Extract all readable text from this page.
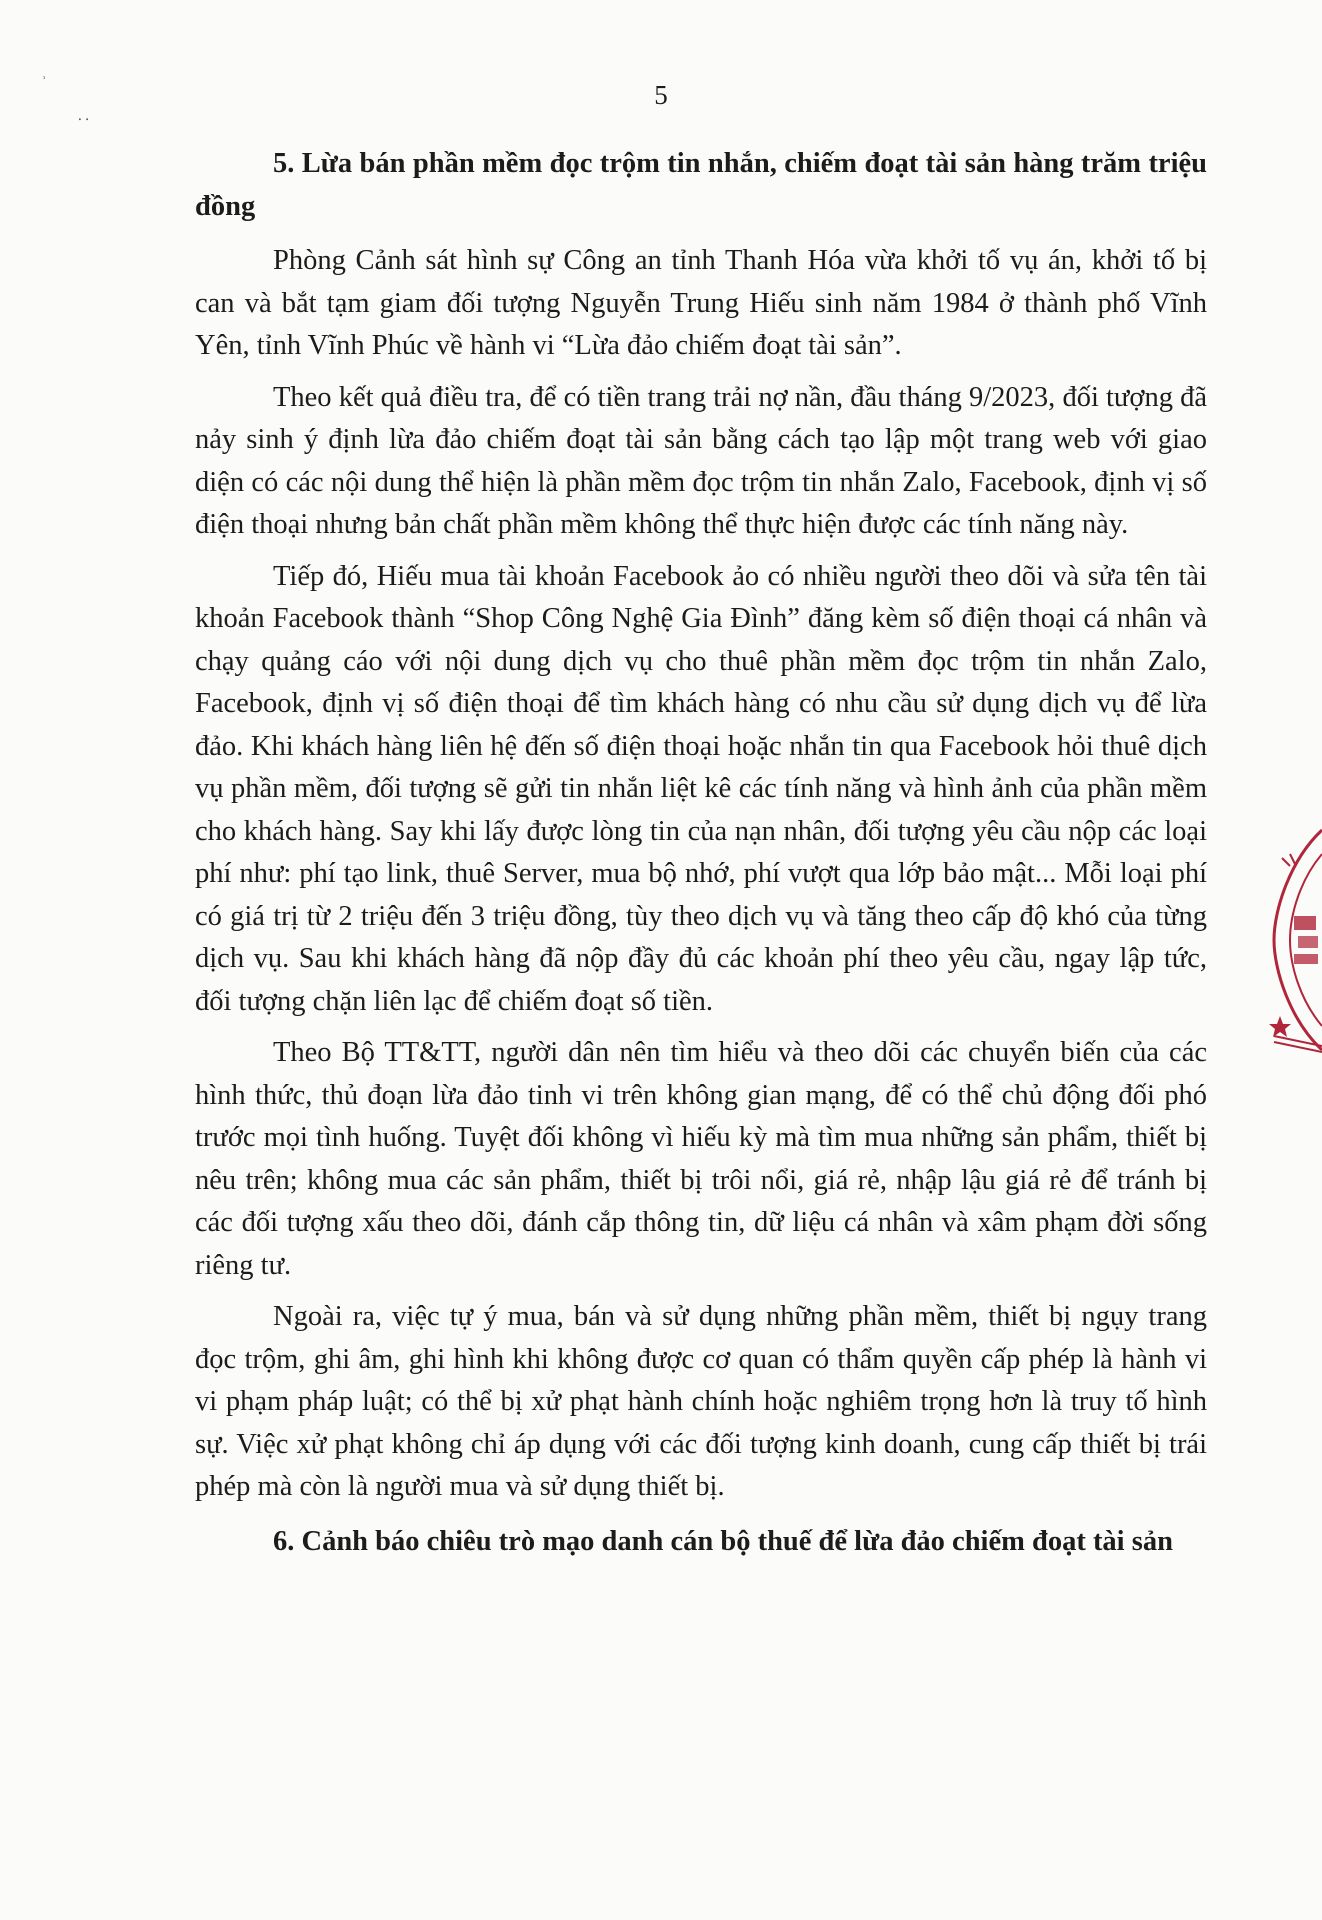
⸒
⸳ ⸳
5
5. Lừa bán phần mềm đọc trộm tin nhắn, chiếm đoạt tài sản hàng trăm triệu đồng

Phòng Cảnh sát hình sự Công an tỉnh Thanh Hóa vừa khởi tố vụ án, khởi tố bị can và bắt tạm giam đối tượng Nguyễn Trung Hiếu sinh năm 1984 ở thành phố Vĩnh Yên, tỉnh Vĩnh Phúc về hành vi “Lừa đảo chiếm đoạt tài sản”.

Theo kết quả điều tra, để có tiền trang trải nợ nần, đầu tháng 9/2023, đối tượng đã nảy sinh ý định lừa đảo chiếm đoạt tài sản bằng cách tạo lập một trang web với giao diện có các nội dung thể hiện là phần mềm đọc trộm tin nhắn Zalo, Facebook, định vị số điện thoại nhưng bản chất phần mềm không thể thực hiện được các tính năng này.

Tiếp đó, Hiếu mua tài khoản Facebook ảo có nhiều người theo dõi và sửa tên tài khoản Facebook thành “Shop Công Nghệ Gia Đình” đăng kèm số điện thoại cá nhân và chạy quảng cáo với nội dung dịch vụ cho thuê phần mềm đọc trộm tin nhắn Zalo, Facebook, định vị số điện thoại để tìm khách hàng có nhu cầu sử dụng dịch vụ để lừa đảo. Khi khách hàng liên hệ đến số điện thoại hoặc nhắn tin qua Facebook hỏi thuê dịch vụ phần mềm, đối tượng sẽ gửi tin nhắn liệt kê các tính năng và hình ảnh của phần mềm cho khách hàng. Say khi lấy được lòng tin của nạn nhân, đối tượng yêu cầu nộp các loại phí như: phí tạo link, thuê Server, mua bộ nhớ, phí vượt qua lớp bảo mật... Mỗi loại phí có giá trị từ 2 triệu đến 3 triệu đồng, tùy theo dịch vụ và tăng theo cấp độ khó của từng dịch vụ. Sau khi khách hàng đã nộp đầy đủ các khoản phí theo yêu cầu, ngay lập tức, đối tượng chặn liên lạc để chiếm đoạt số tiền.

Theo Bộ TT&TT, người dân nên tìm hiểu và theo dõi các chuyển biến của các hình thức, thủ đoạn lừa đảo tinh vi trên không gian mạng, để có thể chủ động đối phó trước mọi tình huống. Tuyệt đối không vì hiếu kỳ mà tìm mua những sản phẩm, thiết bị nêu trên; không mua các sản phẩm, thiết bị trôi nổi, giá rẻ, nhập lậu giá rẻ để tránh bị các đối tượng xấu theo dõi, đánh cắp thông tin, dữ liệu cá nhân và xâm phạm đời sống riêng tư.

Ngoài ra, việc tự ý mua, bán và sử dụng những phần mềm, thiết bị ngụy trang đọc trộm, ghi âm, ghi hình khi không được cơ quan có thẩm quyền cấp phép là hành vi vi phạm pháp luật; có thể bị xử phạt hành chính hoặc nghiêm trọng hơn là truy tố hình sự. Việc xử phạt không chỉ áp dụng với các đối tượng kinh doanh, cung cấp thiết bị trái phép mà còn là người mua và sử dụng thiết bị.

6. Cảnh báo chiêu trò mạo danh cán bộ thuế để lừa đảo chiếm đoạt tài sản
